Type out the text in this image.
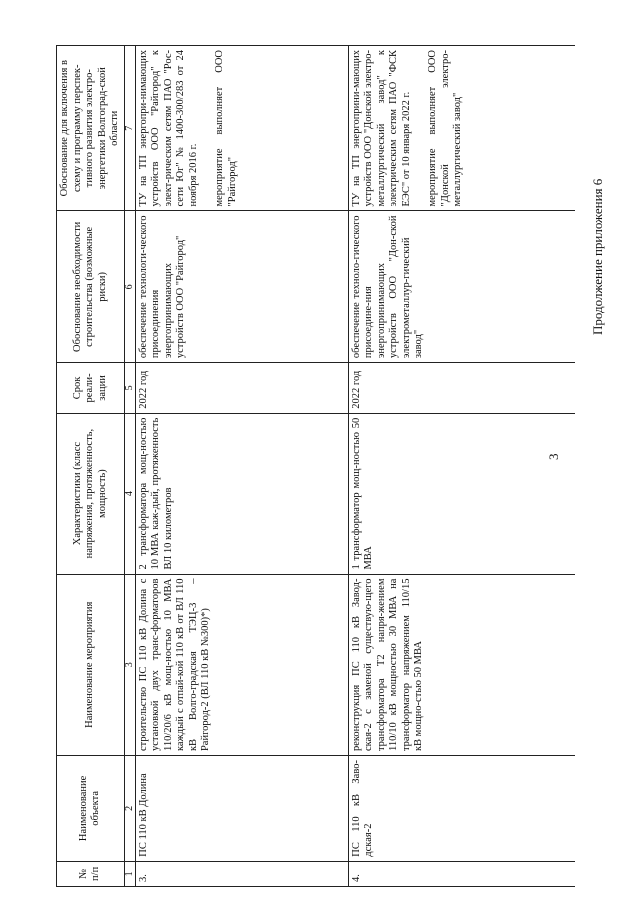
3
Продолжение приложения 6
№ п/п	Наименование объекта	Наименование мероприятия	Характеристики (класс напряжения, протяженность, мощность)	Срок реали-зации	Обоснование необходимости строительства (возможные риски)	Обоснование для включения в схему и программу перспек-тивного развития электро-энергетики Волгоград-ской области
1	2	3	4	5	6	7
3.	ПС 110 кВ Долина	строительство ПС 110 кВ Долина с установкой двух транс-форматоров 110/20/6 кВ мощ-ностью 10 МВА каждый с отпай-кой 110 кВ от ВЛ 110 кВ Волго-градская ТЭЦ-3 – Райгород-2 (ВЛ 110 кВ №300)*)	2 трансформатора мощ-ностью 10 МВА каж-дый, протяженность ВЛ 10 километров	2022 год	обеспечение технологи-ческого присоединения энергопринимающих устройств ООО "Райгород"	ТУ на ТП энергопри-нимающих устройств ООО "Райгород" к элект-рическим сетям ПАО "Рос-сети Юг" № 1400-300/283 от 24 ноября 2016 г. мероприятие выполняет ООО "Райгород"

4.	ПС 110 кВ Заво-дская-2	реконструкция ПС 110 кВ Завод-ская-2 с заменой существую-щего трансформатора Т2 напря-жением 110/10 кВ мощностью 30 МВА на трансформатор напряжением 110/15 кВ мощно-стью 50 МВА	1 трансформатор мощ-ностью 50 МВА	2022 год	обеспечение техноло-гического присоедине-ния энергопринимающих устройств ООО "Дон-ской электрометаллур-гический завод"	ТУ на ТП энергоприни-мающих устройств ООО "Донской электро-металлургический завод" к электрическим сетям ПАО "ФСК ЕЭС" от 10 января 2022 г. мероприятие выполняет ООО "Донской электро-металлургический завод"
